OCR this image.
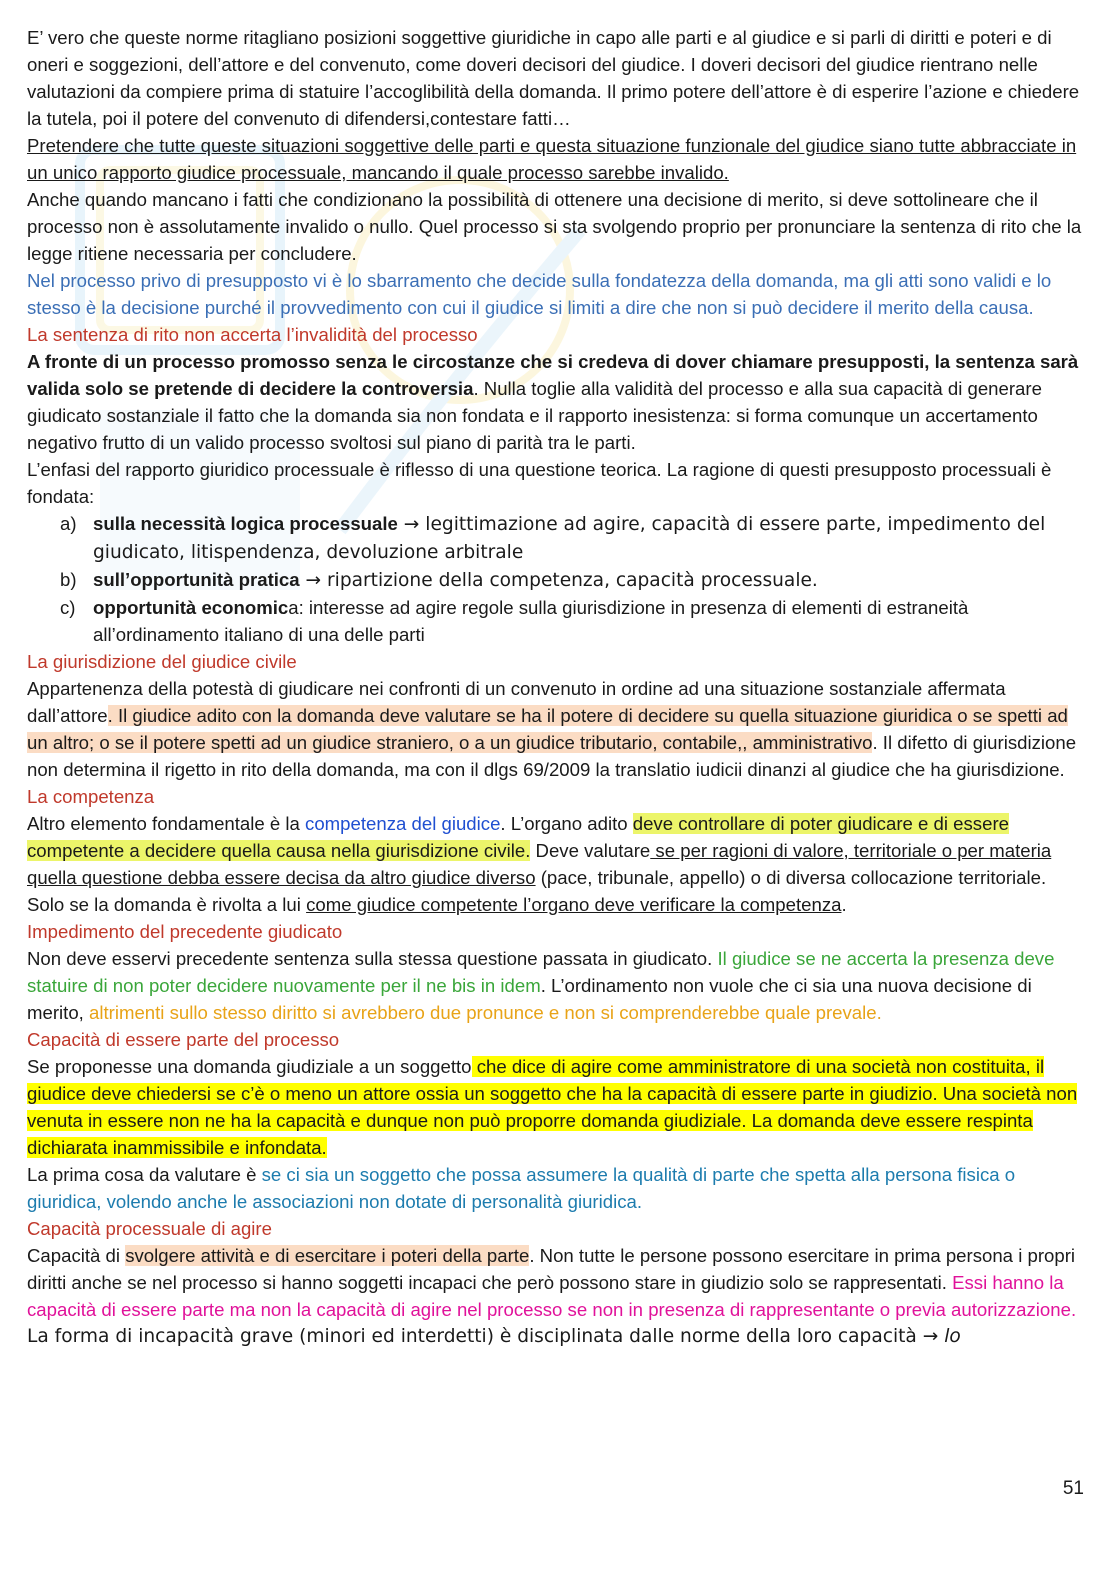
E’ vero che queste norme ritagliano posizioni soggettive giuridiche in capo alle parti e al giudice e si parli di diritti e poteri e di oneri e soggezioni, dell’attore e del convenuto, come doveri decisori del giudice. I doveri decisori del giudice rientrano nelle valutazioni da compiere prima di statuire l’accoglibilità della domanda. Il primo potere dell’attore è di esperire l’azione e chiedere la tutela, poi il potere del convenuto di difendersi,contestare fatti…

Pretendere che tutte queste situazioni soggettive delle parti e questa situazione funzionale del giudice siano tutte abbracciate in un unico rapporto giudice processuale, mancando il quale processo sarebbe invalido.

Anche quando mancano i fatti che condizionano la possibilità di ottenere una decisione di merito, si deve sottolineare che il processo non è assolutamente invalido o nullo. Quel processo si sta svolgendo proprio per pronunciare la sentenza di rito che la legge ritiene necessaria per concludere.

Nel processo privo di presupposto vi è lo sbarramento che decide sulla fondatezza della domanda, ma gli atti sono validi e lo stesso è la decisione purché il provvedimento con cui il giudice si limiti a dire che non si può decidere il merito della causa.

La sentenza di rito non accerta l’invalidità del processo

A fronte di un processo promosso senza le circostanze che si credeva di dover chiamare presupposti, la sentenza sarà valida solo se pretende di decidere la controversia. Nulla toglie alla validità del processo e alla sua capacità di generare giudicato sostanziale il fatto che la domanda sia non fondata e il rapporto inesistenza: si forma comunque un accertamento negativo frutto di un valido processo svoltosi sul piano di parità tra le parti.

L’enfasi del rapporto giuridico processuale è riflesso di una questione teorica. La ragione di questi presupposto processuali è fondata:

a) sulla necessità logica processuale → legittimazione ad agire, capacità di essere parte, impedimento del giudicato, litispendenza, devoluzione arbitrale
b) sull’opportunità pratica → ripartizione della competenza, capacità processuale.
c) opportunità economica: interesse ad agire regole sulla giurisdizione in presenza di elementi di estraneità all’ordinamento italiano di una delle parti

La giurisdizione del giudice civile

Appartenenza della potestà di giudicare nei confronti di un convenuto in ordine ad una situazione sostanziale affermata dall’attore. Il giudice adito con la domanda deve valutare se ha il potere di decidere su quella situazione giuridica o se spetti ad un altro; o se il potere spetti ad un giudice straniero, o a un giudice tributario, contabile,, amministrativo. Il difetto di giurisdizione non determina il rigetto in rito della domanda, ma con il dlgs 69/2009 la translatio iudicii dinanzi al giudice che ha giurisdizione.

La competenza

Altro elemento fondamentale è la competenza del giudice. L’organo adito deve controllare di poter giudicare e di essere competente a decidere quella causa nella giurisdizione civile. Deve valutare se per ragioni di valore, territoriale o per materia quella questione debba essere decisa da altro giudice diverso (pace, tribunale, appello) o di diversa collocazione territoriale.

Solo se la domanda è rivolta a lui come giudice competente l’organo deve verificare la competenza.

Impedimento del precedente giudicato

Non deve esservi precedente sentenza sulla stessa questione passata in giudicato. Il giudice se ne accerta la presenza deve statuire di non poter decidere nuovamente per il ne bis in idem. L’ordinamento non vuole che ci sia una nuova decisione di merito, altrimenti sullo stesso diritto si avrebbero due pronunce e non si comprenderebbe quale prevale.

Capacità di essere parte del processo

Se proponesse una domanda giudiziale a un soggetto che dice di agire come amministratore di una società non costituita, il giudice deve chiedersi se c’è o meno un attore ossia un soggetto che ha la capacità di essere parte in giudizio. Una società non venuta in essere non ne ha la capacità e dunque non può proporre domanda giudiziale. La domanda deve essere respinta dichiarata inammissibile e infondata.

La prima cosa da valutare è se ci sia un soggetto che possa assumere la qualità di parte che spetta alla persona fisica o giuridica, volendo anche le associazioni non dotate di personalità giuridica.

Capacità processuale di agire

Capacità di svolgere attività e di esercitare i poteri della parte. Non tutte le persone possono esercitare in prima persona i propri diritti anche se nel processo si hanno soggetti incapaci che però possono stare in giudizio solo se rappresentati. Essi hanno la capacità di essere parte ma non la capacità di agire nel processo se non in presenza di rappresentante o previa autorizzazione.

La forma di incapacità grave (minori ed interdetti) è disciplinata dalle norme della loro capacità → lo

51
